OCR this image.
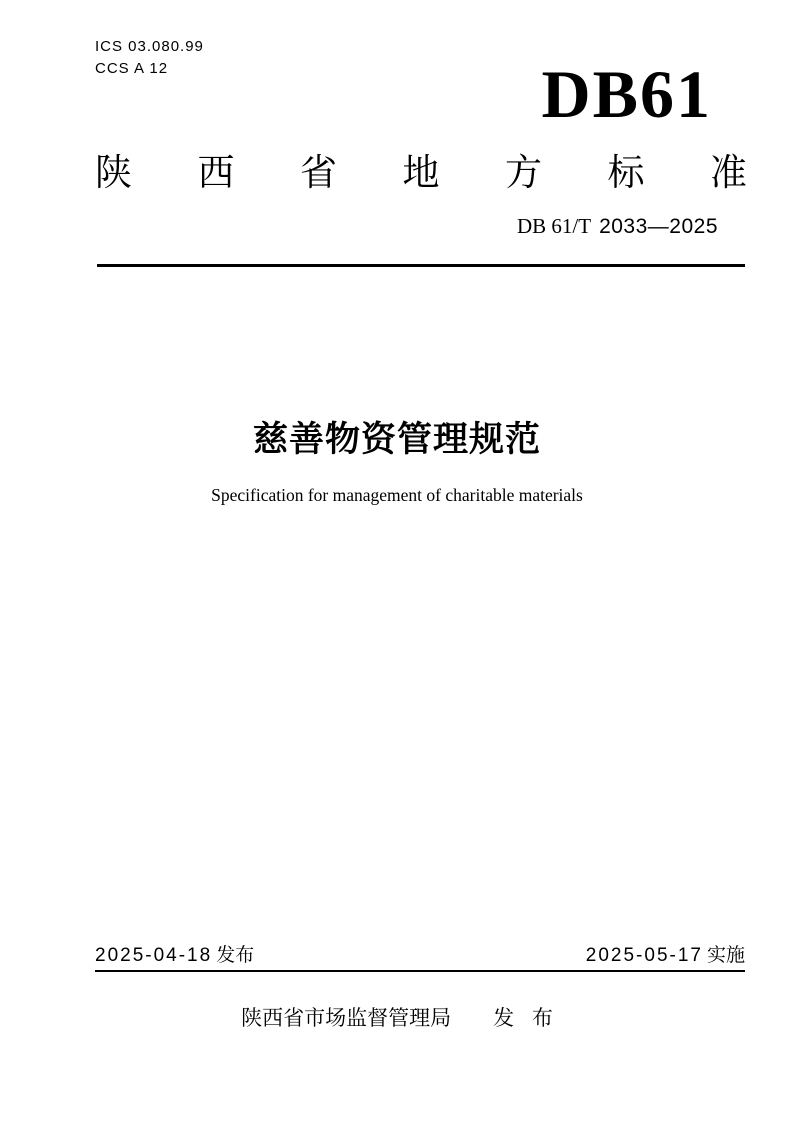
ICS 03.080.99
CCS A 12	DB61
陕西省地方标准
DB 61/T 2033—2025
慈善物资管理规范
Specification for management of charitable materials
2025-04-18 发布	2025-05-17 实施
陕西省市场监督管理局 发 布
